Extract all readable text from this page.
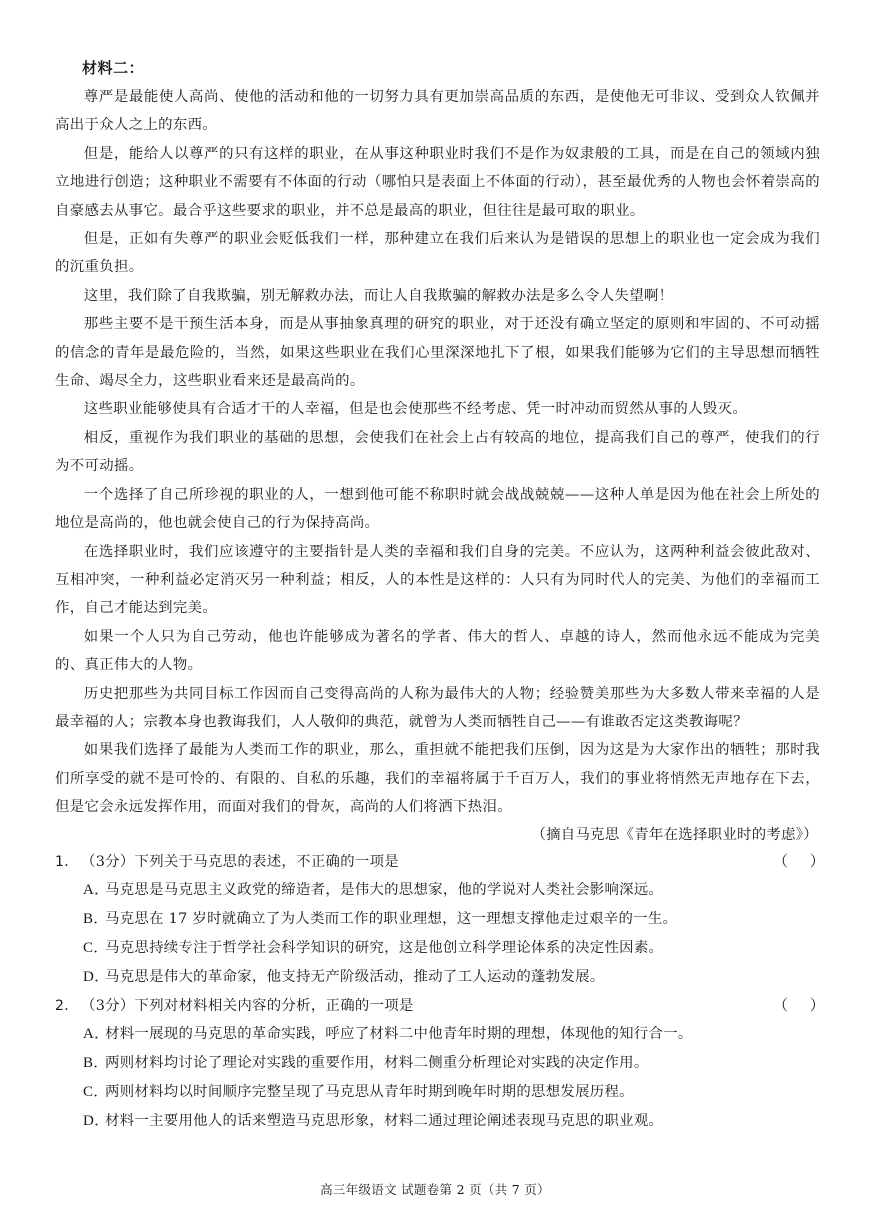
材料二：

尊严是最能使人高尚、使他的活动和他的一切努力具有更加崇高品质的东西，是使他无可非议、受到众人钦佩并高出于众人之上的东西。

但是，能给人以尊严的只有这样的职业，在从事这种职业时我们不是作为奴隶般的工具，而是在自己的领域内独立地进行创造；这种职业不需要有不体面的行动（哪怕只是表面上不体面的行动），甚至最优秀的人物也会怀着崇高的自豪感去从事它。最合乎这些要求的职业，并不总是最高的职业，但往往是最可取的职业。

但是，正如有失尊严的职业会贬低我们一样，那种建立在我们后来认为是错误的思想上的职业也一定会成为我们的沉重负担。

这里，我们除了自我欺骗，别无解救办法，而让人自我欺骗的解救办法是多么令人失望啊！

那些主要不是干预生活本身，而是从事抽象真理的研究的职业，对于还没有确立坚定的原则和牢固的、不可动摇的信念的青年是最危险的，当然，如果这些职业在我们心里深深地扎下了根，如果我们能够为它们的主导思想而牺牲生命、竭尽全力，这些职业看来还是最高尚的。

这些职业能够使具有合适才干的人幸福，但是也会使那些不经考虑、凭一时冲动而贸然从事的人毁灭。

相反，重视作为我们职业的基础的思想，会使我们在社会上占有较高的地位，提高我们自己的尊严，使我们的行为不可动摇。

一个选择了自己所珍视的职业的人，一想到他可能不称职时就会战战兢兢——这种人单是因为他在社会上所处的地位是高尚的，他也就会使自己的行为保持高尚。

在选择职业时，我们应该遵守的主要指针是人类的幸福和我们自身的完美。不应认为，这两种利益会彼此敌对、互相冲突，一种利益必定消灭另一种利益；相反，人的本性是这样的：人只有为同时代人的完美、为他们的幸福而工作，自己才能达到完美。

如果一个人只为自己劳动，他也许能够成为著名的学者、伟大的哲人、卓越的诗人，然而他永远不能成为完美的、真正伟大的人物。

历史把那些为共同目标工作因而自己变得高尚的人称为最伟大的人物；经验赞美那些为大多数人带来幸福的人是最幸福的人；宗教本身也教诲我们，人人敬仰的典范，就曾为人类而牺牲自己——有谁敢否定这类教诲呢？

如果我们选择了最能为人类而工作的职业，那么，重担就不能把我们压倒，因为这是为大家作出的牺牲；那时我们所享受的就不是可怜的、有限的、自私的乐趣，我们的幸福将属于千百万人，我们的事业将悄然无声地存在下去，但是它会永远发挥作用，而面对我们的骨灰，高尚的人们将洒下热泪。

（摘自马克思《青年在选择职业时的考虑》）
1． （3分）下列关于马克思的表述，不正确的一项是	（ ）
A．马克思是马克思主义政党的缔造者，是伟大的思想家，他的学说对人类社会影响深远。
B．马克思在 17 岁时就确立了为人类而工作的职业理想，这一理想支撑他走过艰辛的一生。
C．马克思持续专注于哲学社会科学知识的研究，这是他创立科学理论体系的决定性因素。
D．马克思是伟大的革命家，他支持无产阶级活动，推动了工人运动的蓬勃发展。
2． （3分）下列对材料相关内容的分析，正确的一项是	（ ）
A．材料一展现的马克思的革命实践，呼应了材料二中他青年时期的理想，体现他的知行合一。
B．两则材料均讨论了理论对实践的重要作用，材料二侧重分析理论对实践的决定作用。
C．两则材料均以时间顺序完整呈现了马克思从青年时期到晚年时期的思想发展历程。
D．材料一主要用他人的话来塑造马克思形象，材料二通过理论阐述表现马克思的职业观。
高三年级语文 试题卷第 2 页（共 7 页）
